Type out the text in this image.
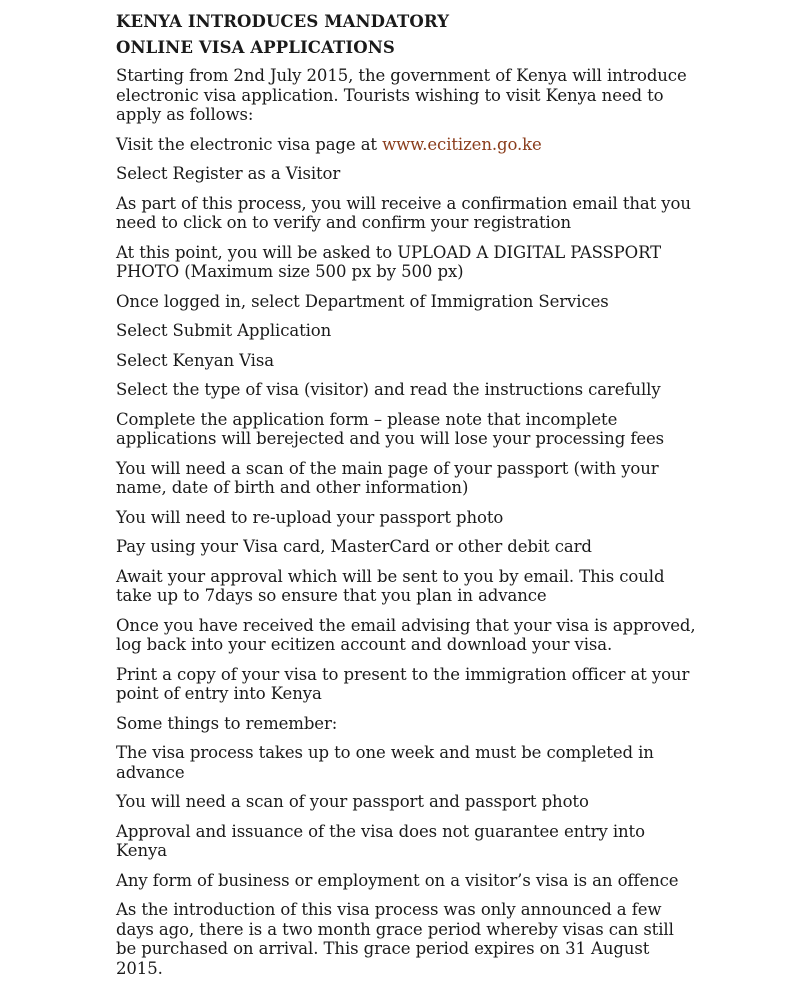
KENYA INTRODUCES MANDATORY
ONLINE VISA APPLICATIONS

Starting from 2nd July 2015, the government of Kenya will introduce electronic visa application. Tourists wishing to visit Kenya need to apply as follows:

Visit the electronic visa page at www.ecitizen.go.ke

Select Register as a Visitor

As part of this process, you will receive a confirmation email that you need to click on to verify and confirm your registration

At this point, you will be asked to UPLOAD A DIGITAL PASSPORT PHOTO (Maximum size 500 px by 500 px)

Once logged in, select Department of Immigration Services

Select Submit Application

Select Kenyan Visa

Select the type of visa (visitor) and read the instructions carefully

Complete the application form – please note that incomplete applications will berejected and you will lose your processing fees

You will need a scan of the main page of your passport (with your name, date of birth and other information)

You will need to re-upload your passport photo

Pay using your Visa card, MasterCard or other debit card

Await your approval which will be sent to you by email. This could take up to 7days so ensure that you plan in advance

Once you have received the email advising that your visa is approved, log back into your ecitizen account and download your visa.

Print a copy of your visa to present to the immigration officer at your point of entry into Kenya

Some things to remember:

The visa process takes up to one week and must be completed in advance

You will need a scan of your passport and passport photo

Approval and issuance of the visa does not guarantee entry into Kenya

Any form of business or employment on a visitor’s visa is an offence

As the introduction of this visa process was only announced a few days ago, there is a two month grace period whereby visas can still be purchased on arrival. This grace period expires on 31 August 2015.
